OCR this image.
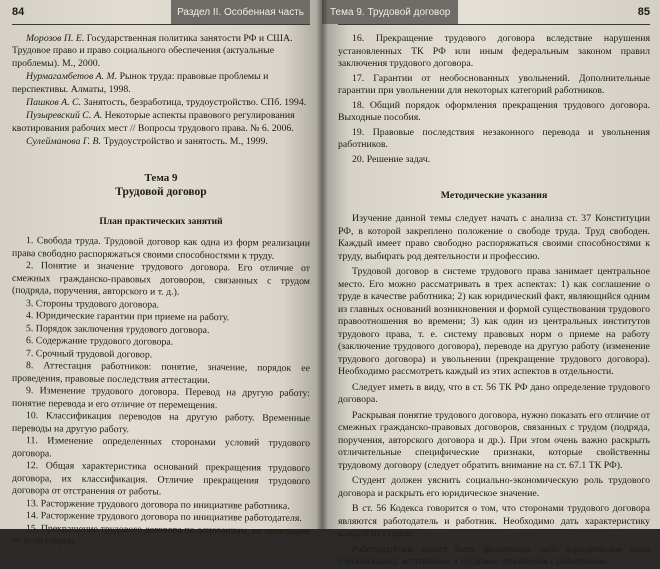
84	Раздел II. Особенная часть

Морозов П. Е. Государственная политика занятости РФ и США. Трудовое право и право социального обеспечения (актуальные проблемы). М., 2000.

Нурмагамбетов А. М. Рынок труда: правовые проблемы и перспективы. Алматы, 1998.

Пашков А. С. Занятость, безработица, трудоустройство. СПб. 1994.

Пузыревский С. А. Некоторые аспекты правового регулирования квотирования рабочих мест // Вопросы трудового права. № 6. 2006.

Сулейманова Г. В. Трудоустройство и занятость. М., 1999.

Тема 9
Трудовой договор
План практических занятий

1. Свобода труда. Трудовой договор как одна из форм реализации права свободно распоряжаться своими способностями к труду.

2. Понятие и значение трудового договора. Его отличие от смежных гражданско-правовых договоров, связанных с трудом (подряда, поручения, авторского и т. д.).

3. Стороны трудового договора.

4. Юридические гарантии при приеме на работу.

5. Порядок заключения трудового договора.

6. Содержание трудового договора.

7. Срочный трудовой договор.

8. Аттестация работников: понятие, значение, порядок ее проведения, правовые последствия аттестации.

9. Изменение трудового договора. Перевод на другую работу: понятие перевода и его отличие от перемещения.

10. Классификация переводов на другую работу. Временные переводы на другую работу.

11. Изменение определенных сторонами условий трудового договора.

12. Общая характеристика оснований прекращения трудового договора, их классификация. Отличие прекращения трудового договора от отстранения от работы.

13. Расторжение трудового договора по инициативе работника.

14. Расторжение трудового договора по инициативе работодателя.

15. Прекращение трудового договора по основаниям, не зависящим от воли сторон.

Тема 9. Трудовой договор	85

16. Прекращение трудового договора вследствие нарушения установленных ТК РФ или иным федеральным законом правил заключения трудового договора.

17. Гарантии от необоснованных увольнений. Дополнительные гарантии при увольнении для некоторых категорий работников.

18. Общий порядок оформления прекращения трудового договора. Выходные пособия.

19. Правовые последствия незаконного перевода и увольнения работников.

20. Решение задач.

Методические указания

Изучение данной темы следует начать с анализа ст. 37 Конституции РФ, в которой закреплено положение о свободе труда. Труд свободен. Каждый имеет право свободно распоряжаться своими способностями к труду, выбирать род деятельности и профессию.

Трудовой договор в системе трудового права занимает центральное место. Его можно рассматривать в трех аспектах: 1) как соглашение о труде в качестве работника; 2) как юридический факт, являющийся одним из главных оснований возникновения и формой существования трудового правоотношения во времени; 3) как один из центральных институтов трудового права, т. е. систему правовых норм о приеме на работу (заключение трудового договора), переводе на другую работу (изменение трудового договора) и увольнении (прекращение трудового договора). Необходимо рассмотреть каждый из этих аспектов в отдельности.

Следует иметь в виду, что в ст. 56 ТК РФ дано определение трудового договора.

Раскрывая понятие трудового договора, нужно показать его отличие от смежных гражданско-правовых договоров, связанных с трудом (подряда, поручения, авторского договора и др.). При этом очень важно раскрыть отличительные специфические признаки, которые свойственны трудовому договору (следует обратить внимание на ст. 67.1 ТК РФ).

Студент должен уяснить социально-экономическую роль трудового договора и раскрыть его юридическое значение.

В ст. 56 Кодекса говорится о том, что сторонами трудового договора являются работодатель и работник. Необходимо дать характеристику каждой из сторон.

Работодателем может быть физическое либо юридическое лицо (организация), вступившее в трудовые отношения с работником.
